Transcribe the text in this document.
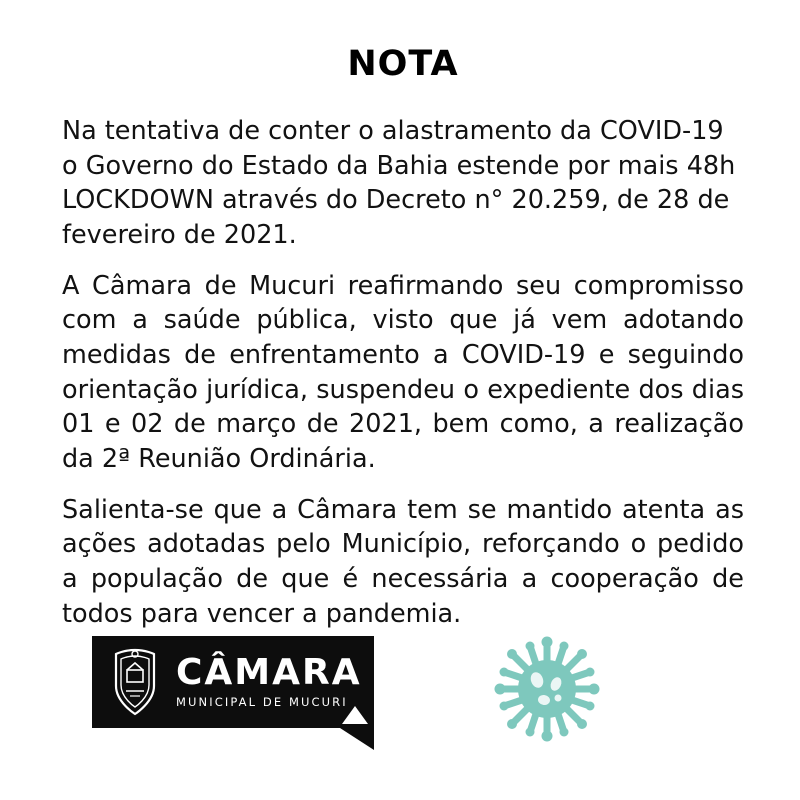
NOTA

Na tentativa de conter o alastramento da COVID-19 o Governo do Estado da Bahia estende por mais 48h LOCKDOWN através do Decreto n° 20.259, de 28 de fevereiro de 2021.

A Câmara de Mucuri reafirmando seu compromisso com a saúde pública, visto que já vem adotando medidas de enfrentamento a COVID-19 e seguindo orientação jurídica, suspendeu o expediente dos dias 01 e 02 de março de 2021, bem como, a realização da 2ª Reunião Ordinária.

Salienta-se que a Câmara tem se mantido atenta as ações adotadas pelo Município, reforçando o pedido a população de que é necessária a cooperação de todos para vencer a pandemia.

CÂMARA
MUNICIPAL DE MUCURI
